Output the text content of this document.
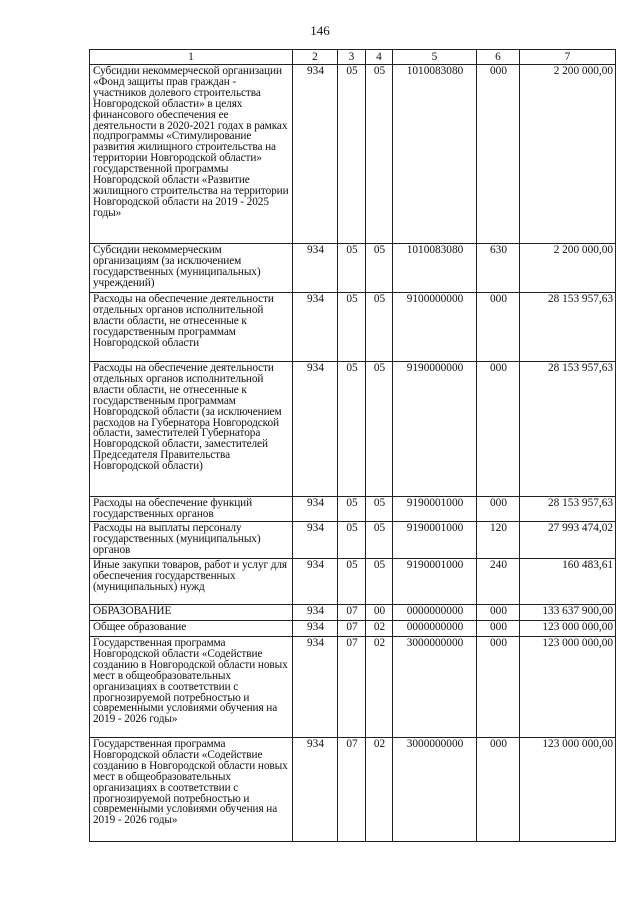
146
1	2	3	4	5	6	7
Субсидии некоммерческой организации «Фонд защиты прав граждан - участников долевого строительства Новгородской области» в целях финансового обеспечения ее деятельности в 2020-2021 годах в рамках подпрограммы «Стимулирование развития жилищного строительства на территории Новгородской области» государственной программы Новгородской области «Развитие жилищного строительства на территории Новгородской области на 2019 - 2025 годы»	934	05	05	1010083080	000	2 200 000,00
Субсидии некоммерческим организациям (за исключением государственных (муниципальных) учреждений)	934	05	05	1010083080	630	2 200 000,00
Расходы на обеспечение деятельности отдельных органов исполнительной власти области, не отнесенные к государственным программам Новгородской области	934	05	05	9100000000	000	28 153 957,63
Расходы на обеспечение деятельности отдельных органов исполнительной власти области, не отнесенные к государственным программам Новгородской области (за исключением расходов на Губернатора Новгородской области, заместителей Губернатора Новгородской области, заместителей Председателя Правительства Новгородской области)	934	05	05	9190000000	000	28 153 957,63
Расходы на обеспечение функций государственных органов	934	05	05	9190001000	000	28 153 957,63
Расходы на выплаты персоналу государственных (муниципальных) органов	934	05	05	9190001000	120	27 993 474,02
Иные закупки товаров, работ и услуг для обеспечения государственных (муниципальных) нужд	934	05	05	9190001000	240	160 483,61
ОБРАЗОВАНИЕ	934	07	00	0000000000	000	133 637 900,00
Общее образование	934	07	02	0000000000	000	123 000 000,00
Государственная программа Новгородской области «Содействие созданию в Новгородской области новых мест в общеобразовательных организациях в соответствии с прогнозируемой потребностью и современными условиями обучения на 2019 - 2026 годы»	934	07	02	3000000000	000	123 000 000,00
Государственная программа Новгородской области «Содействие созданию в Новгородской области новых мест в общеобразовательных организациях в соответствии с прогнозируемой потребностью и современными условиями обучения на 2019 - 2026 годы»	934	07	02	3000000000	000	123 000 000,00
